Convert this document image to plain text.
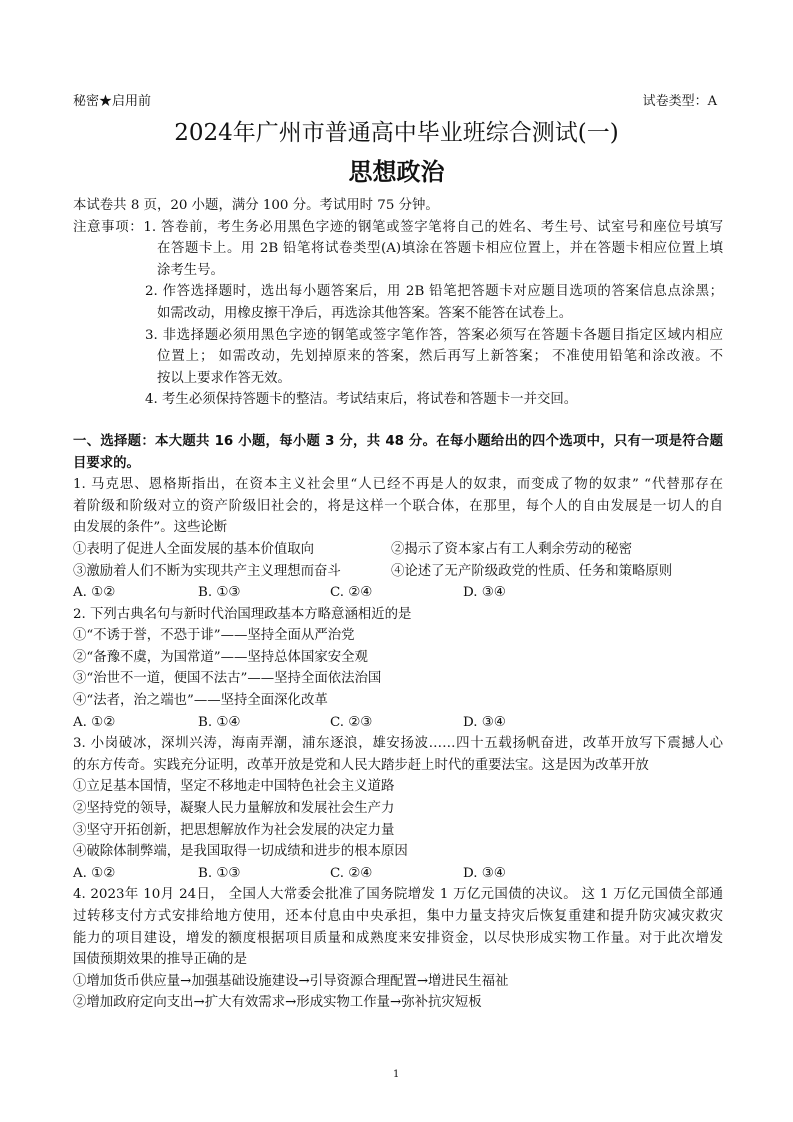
秘密★启用前	试卷类型：A
2024年广州市普通高中毕业班综合测试(一)
思想政治
本试卷共 8 页，20 小题，满分 100 分。考试用时 75 分钟。
注意事项：1. 答卷前，考生务必用黑色字迹的钢笔或签字笔将自己的姓名、考生号、试室号和座位号填写
在答题卡上。用 2B 铅笔将试卷类型(A)填涂在答题卡相应位置上，并在答题卡相应位置上填
涂考生号。
2. 作答选择题时，选出每小题答案后，用 2B 铅笔把答题卡对应题目选项的答案信息点涂黑；
如需改动，用橡皮擦干净后，再选涂其他答案。答案不能答在试卷上。
3. 非选择题必须用黑色字迹的钢笔或签字笔作答，答案必须写在答题卡各题目指定区域内相应
位置上； 如需改动，先划掉原来的答案，然后再写上新答案； 不准使用铅笔和涂改液。不
按以上要求作答无效。
4. 考生必须保持答题卡的整洁。考试结束后，将试卷和答题卡一并交回。
一、选择题：本大题共 16 小题，每小题 3 分，共 48 分。在每小题给出的四个选项中，只有一项是符合题
目要求的。
1. 马克思、恩格斯指出，在资本主义社会里“人已经不再是人的奴隶，而变成了物的奴隶” “代替那存在
着阶级和阶级对立的资产阶级旧社会的，将是这样一个联合体，在那里，每个人的自由发展是一切人的自
由发展的条件”。这些论断
①表明了促进人全面发展的基本价值取向	②揭示了资本家占有工人剩余劳动的秘密
③激励着人们不断为实现共产主义理想而奋斗	④论述了无产阶级政党的性质、任务和策略原则
A. ①②	B. ①③	C. ②④	D. ③④
2. 下列古典名句与新时代治国理政基本方略意涵相近的是
①“不诱于誉，不恐于诽”——坚持全面从严治党
②“备豫不虞，为国常道”——坚持总体国家安全观
③“治世不一道，便国不法古”——坚持全面依法治国
④“法者，治之端也”——坚持全面深化改革
A. ①②	B. ①④	C. ②③	D. ③④
3. 小岗破冰，深圳兴涛，海南弄潮，浦东逐浪，雄安扬波……四十五载扬帆奋进，改革开放写下震撼人心
的东方传奇。实践充分证明，改革开放是党和人民大踏步赶上时代的重要法宝。这是因为改革开放
①立足基本国情，坚定不移地走中国特色社会主义道路
②坚持党的领导，凝聚人民力量解放和发展社会生产力
③坚守开拓创新，把思想解放作为社会发展的决定力量
④破除体制弊端，是我国取得一切成绩和进步的根本原因
A. ①②	B. ①③	C. ②④	D. ③④
4. 2023年 10月 24日， 全国人大常委会批准了国务院增发 1 万亿元国债的决议。 这 1 万亿元国债全部通
过转移支付方式安排给地方使用，还本付息由中央承担，集中力量支持灾后恢复重建和提升防灾减灾救灾
能力的项目建设，增发的额度根据项目质量和成熟度来安排资金，以尽快形成实物工作量。对于此次增发
国债预期效果的推导正确的是
①增加货币供应量→加强基础设施建设→引导资源合理配置→增进民生福祉
②增加政府定向支出→扩大有效需求→形成实物工作量→弥补抗灾短板
1
